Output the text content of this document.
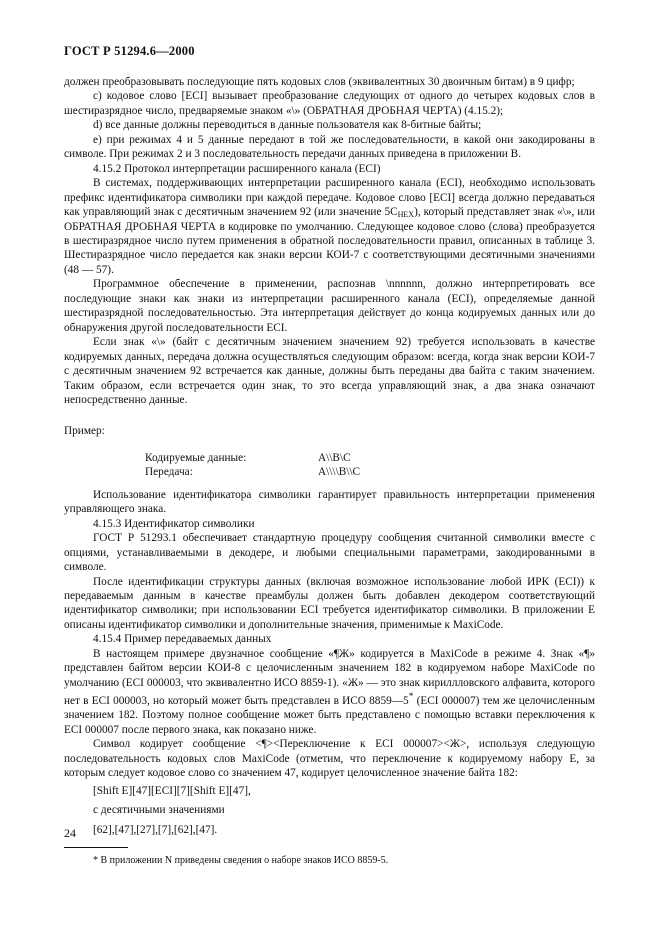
ГОСТ Р 51294.6—2000

должен преобразовывать последующие пять кодовых слов (эквивалентных 30 двоичным битам) в 9 цифр;

c) кодовое слово [ECI] вызывает преобразование следующих от одного до четырех кодовых слов в шестиразрядное число, предваряемые знаком «\» (ОБРАТНАЯ ДРОБНАЯ ЧЕРТА) (4.15.2);

d) все данные должны переводиться в данные пользователя как 8-битные байты;

e) при режимах 4 и 5 данные передают в той же последовательности, в какой они закодированы в символе. При режимах 2 и 3 последовательность передачи данных приведена в приложении В.

4.15.2 Протокол интерпретации расширенного канала (ECI)

В системах, поддерживающих интерпретации расширенного канала (ECI), необходимо использовать префикс идентификатора символики при каждой передаче. Кодовое слово [ECI] всегда должно передаваться как управляющий знак с десятичным значением 92 (или значение $5C_{HEX}$), который представляет знак «\», или ОБРАТНАЯ ДРОБНАЯ ЧЕРТА в кодировке по умолчанию. Следующее кодовое слово (слова) преобразуется в шестиразрядное число путем применения в обратной последовательности правил, описанных в таблице 3. Шестиразрядное число передается как знаки версии КОИ-7 с соответствующими десятичными значениями (48 — 57).

Программное обеспечение в применении, распознав \nnnnnn, должно интерпретировать все последующие знаки как знаки из интерпретации расширенного канала (ECI), определяемые данной шестиразрядной последовательностью. Эта интерпретация действует до конца кодируемых данных или до обнаружения другой последовательности ECI.

Если знак «\» (байт с десятичным значением значением 92) требуется использовать в качестве кодируемых данных, передача должна осуществляться следующим образом: всегда, когда знак версии КОИ-7 с десятичным значением 92 встречается как данные, должны быть переданы два байта с таким значением. Таким образом, если встречается один знак, то это всегда управляющий знак, а два знака означают непосредственно данные.

Пример:

Кодируемые данные:	A\\B\C
Передача:	A\\\\B\\C

Использование идентификатора символики гарантирует правильность интерпретации применения управляющего знака.

4.15.3 Идентификатор символики

ГОСТ Р 51293.1 обеспечивает стандартную процедуру сообщения считанной символики вместе с опциями, устанавливаемыми в декодере, и любыми специальными параметрами, закодированными в символе.

После идентификации структуры данных (включая возможное использование любой ИРК (ECI)) к передаваемым данным в качестве преамбулы должен быть добавлен декодером соответствующий идентификатор символики; при использовании ECI требуется идентификатор символики. В приложении Е описаны идентификатор символики и дополнительные значения, применимые к MaxiCode.

4.15.4 Пример передаваемых данных

В настоящем примере двузначное сообщение «¶Ж» кодируется в MaxiCode в режиме 4. Знак «¶» представлен байтом версии КОИ-8 с целочисленным значением 182 в кодируемом наборе MaxiCode по умолчанию (ECI 000003, что эквивалентно ИСО 8859-1). «Ж» — это знак кириллловского алфавита, которого нет в ECI 000003, но который может быть представлен в ИСО 8859—5* (ECI 000007) тем же целочисленным значением 182. Поэтому полное сообщение может быть представлено с помощью вставки переключения к ECI 000007 после первого знака, как показано ниже.

Символ кодирует сообщение <¶><Переключение к ECI 000007><Ж>, используя следующую последовательность кодовых слов MaxiCode (отметим, что переключение к кодируемому набору Е, за которым следует кодовое слово со значением 47, кодирует целочисленное значение байта 182:

[Shift E][47][ECI][7][Shift E][47],

с десятичными значениями

[62],[47],[27],[7],[62],[47].

* В приложении N приведены сведения о наборе знаков ИСО 8859-5.

24
